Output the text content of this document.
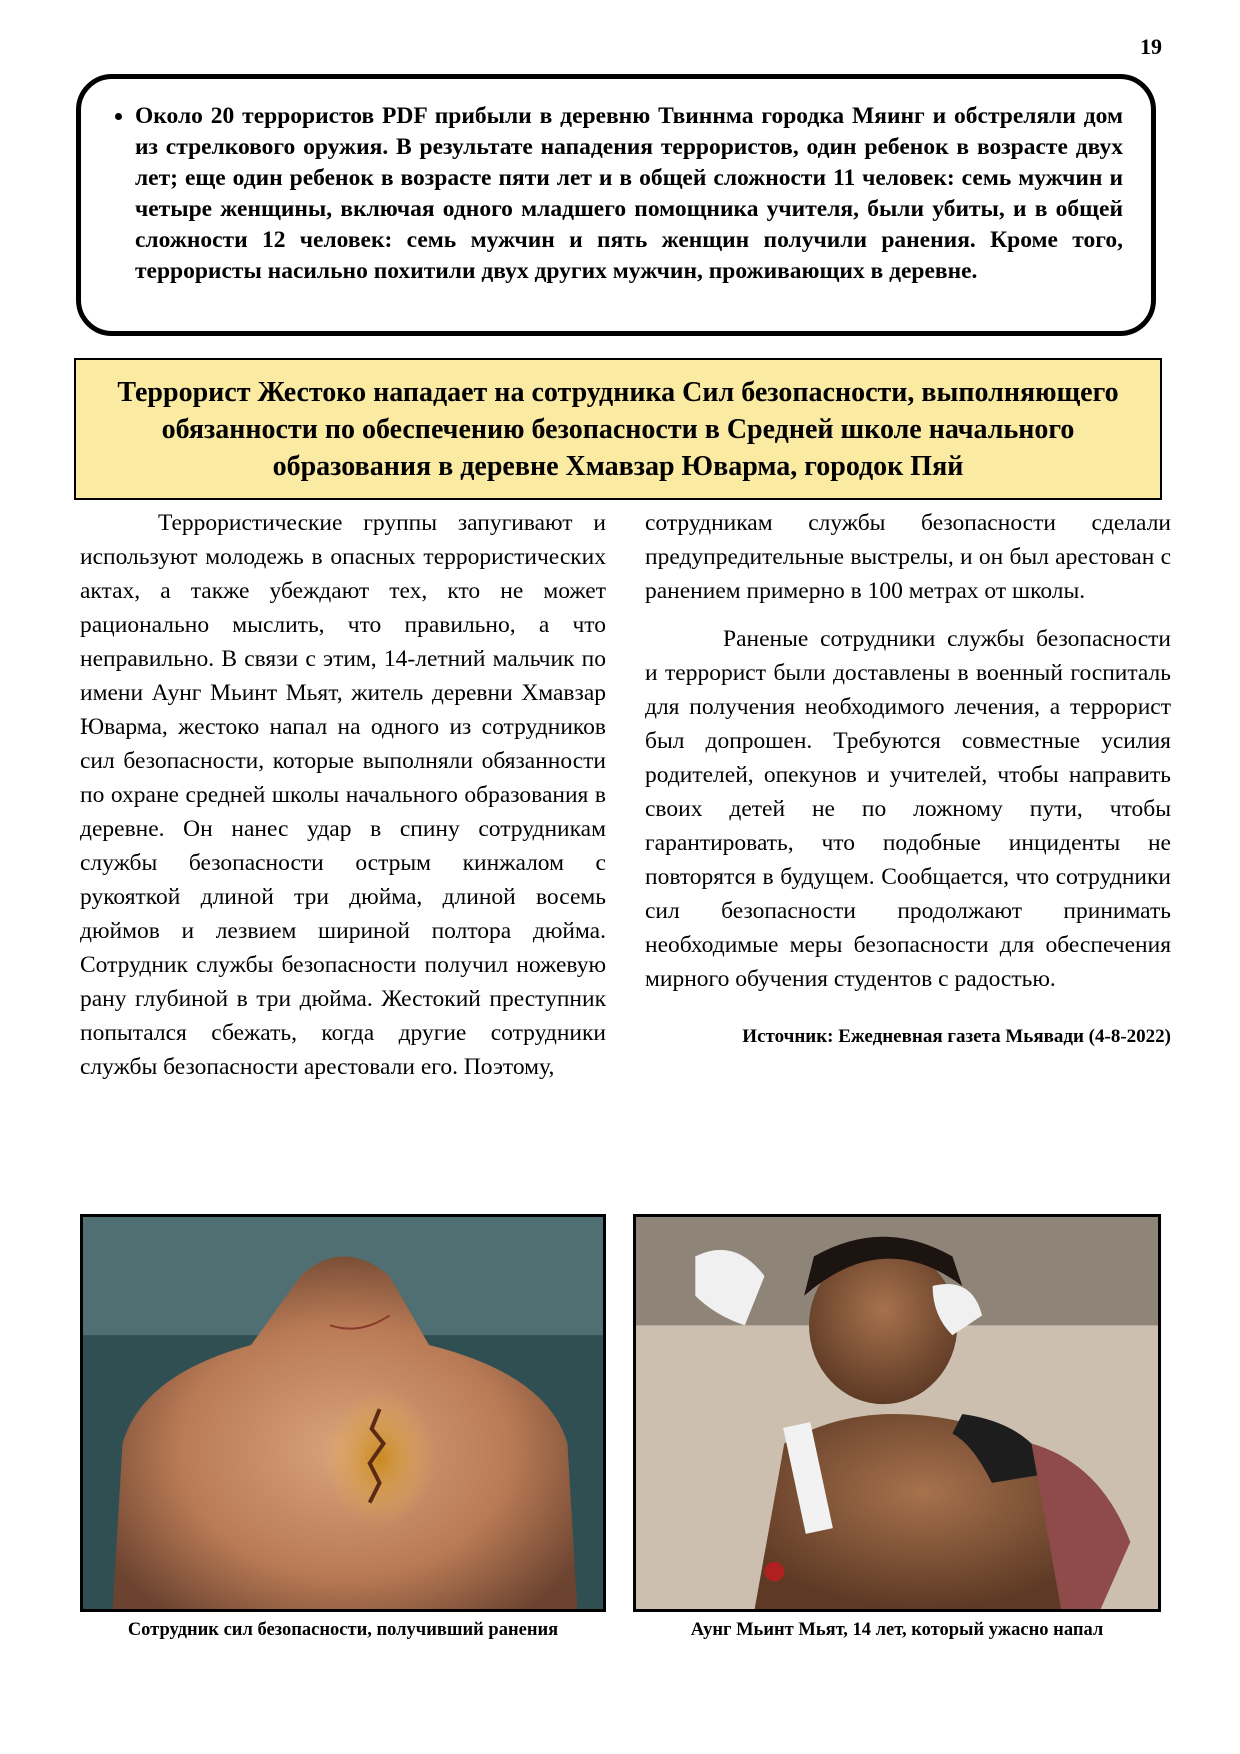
19
• Около 20 террористов PDF прибыли в деревню Твиннма городка Мяинг и обстреляли дом из стрелкового оружия. В результате нападения террористов, один ребенок в возрасте двух лет; еще один ребенок в возрасте пяти лет и в общей сложности 11 человек: семь мужчин и четыре женщины, включая одного младшего помощника учителя, были убиты, и в общей сложности 12 человек: семь мужчин и пять женщин получили ранения. Кроме того, террористы насильно похитили двух других мужчин, проживающих в деревне.
Террорист Жестоко нападает на сотрудника Сил безопасности, выполняющего обязанности по обеспечению безопасности в Средней школе начального образования в деревне Хмавзар Юварма, городок Пяй

Террористические группы запугивают и используют молодежь в опасных террористических актах, а также убеждают тех, кто не может рационально мыслить, что правильно, а что неправильно. В связи с этим, 14-летний мальчик по имени Аунг Мьинт Мьят, житель деревни Хмавзар Юварма, жестоко напал на одного из сотрудников сил безопасности, которые выполняли обязанности по охране средней школы начального образования в деревне. Он нанес удар в спину сотрудникам службы безопасности острым кинжалом с рукояткой длиной три дюйма, длиной восемь дюймов и лезвием шириной полтора дюйма. Сотрудник службы безопасности получил ножевую рану глубиной в три дюйма. Жестокий преступник попытался сбежать, когда другие сотрудники службы безопасности арестовали его. Поэтому,

сотрудникам службы безопасности сделали предупредительные выстрелы, и он был арестован с ранением примерно в 100 метрах от школы.

Раненые сотрудники службы безопасности и террорист были доставлены в военный госпиталь для получения необходимого лечения, а террорист был допрошен. Требуются совместные усилия родителей, опекунов и учителей, чтобы направить своих детей не по ложному пути, чтобы гарантировать, что подобные инциденты не повторятся в будущем. Сообщается, что сотрудники сил безопасности продолжают принимать необходимые меры безопасности для обеспечения мирного обучения студентов с радостью.

Источник: Ежедневная газета Мьявади (4-8-2022)

Сотрудник сил безопасности, получивший ранения	Аунг Мьинт Мьят, 14 лет, который ужасно напал
